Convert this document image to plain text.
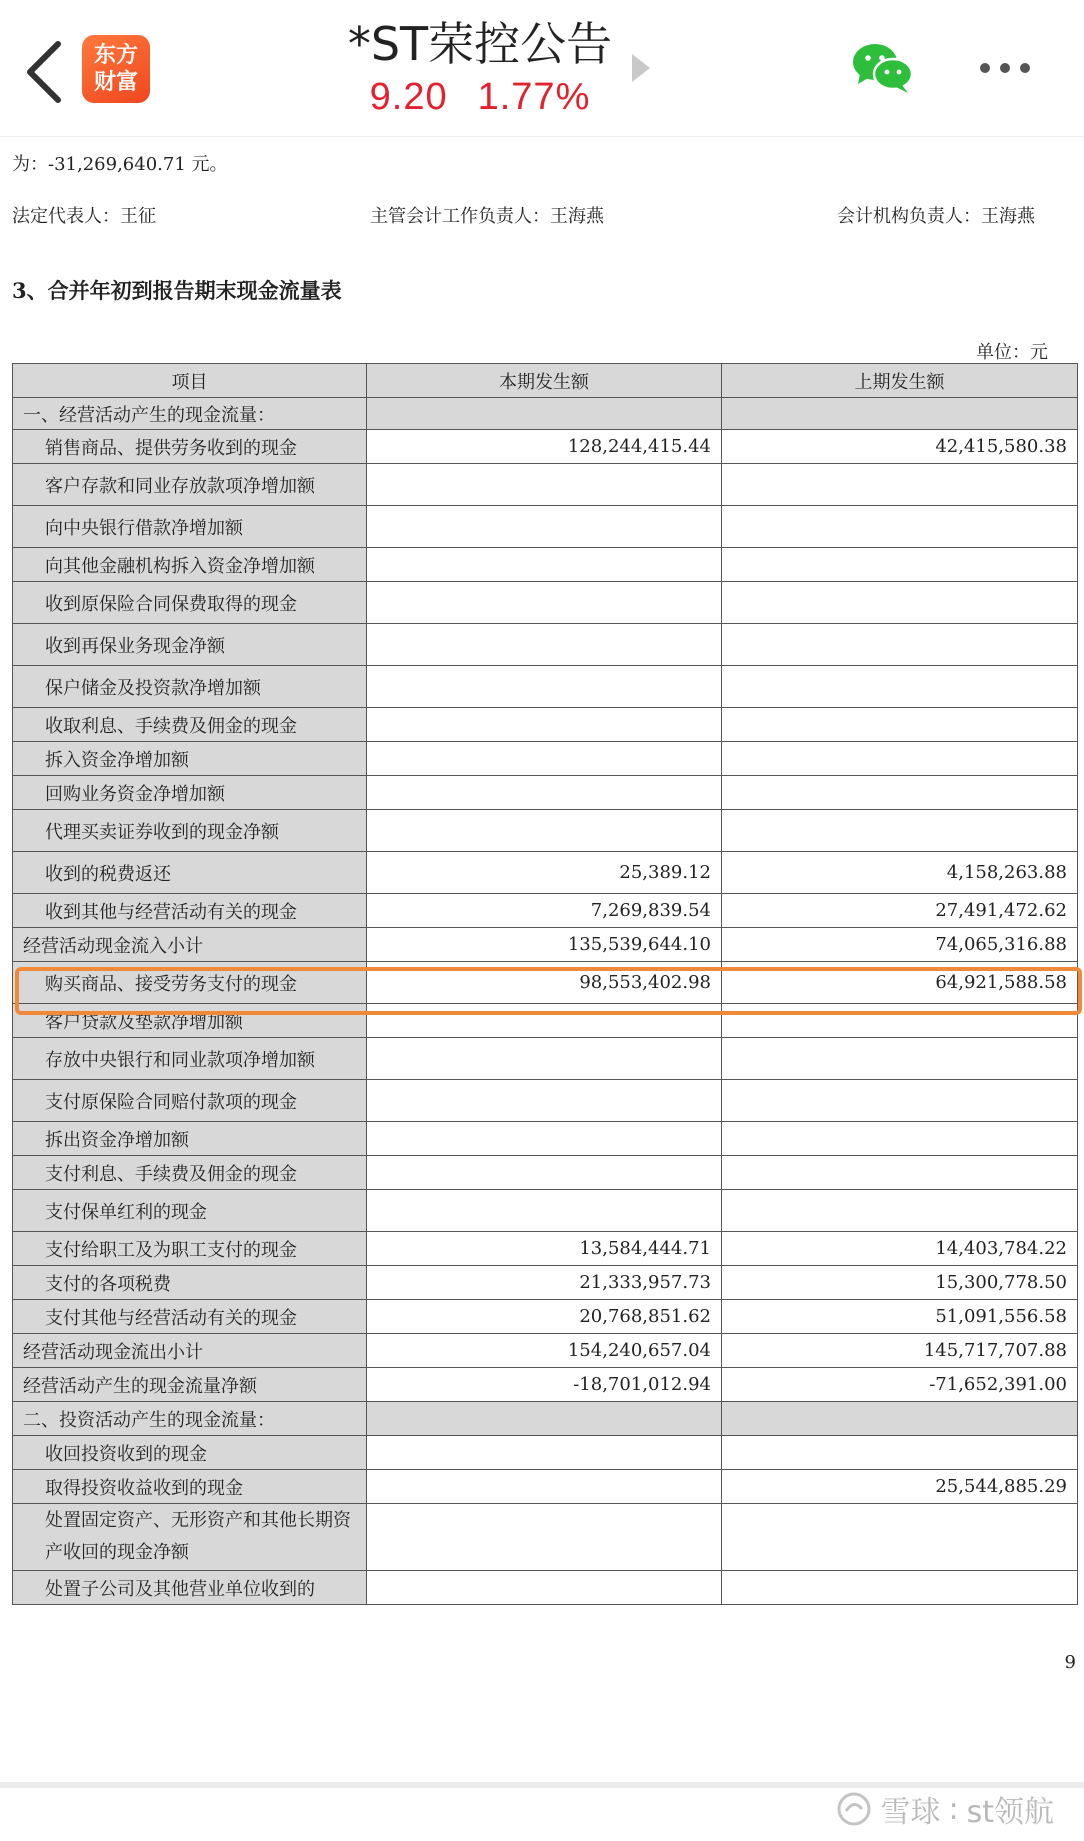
东方
财富
*ST荣控公告
9.20 1.77%
为：-31,269,640.71 元。
法定代表人：王征	主管会计工作负责人：王海燕	会计机构负责人：王海燕
3、合并年初到报告期末现金流量表
单位：元
项目	本期发生额	上期发生额
一、经营活动产生的现金流量：		
销售商品、提供劳务收到的现金	128,244,415.44	42,415,580.38
客户存款和同业存放款项净增加额		
向中央银行借款净增加额		
向其他金融机构拆入资金净增加额		
收到原保险合同保费取得的现金		
收到再保业务现金净额		
保户储金及投资款净增加额		
收取利息、手续费及佣金的现金		
拆入资金净增加额		
回购业务资金净增加额		
代理买卖证券收到的现金净额		
收到的税费返还	25,389.12	4,158,263.88
收到其他与经营活动有关的现金	7,269,839.54	27,491,472.62
经营活动现金流入小计	135,539,644.10	74,065,316.88
购买商品、接受劳务支付的现金	98,553,402.98	64,921,588.58
客户贷款及垫款净增加额		
存放中央银行和同业款项净增加额		
支付原保险合同赔付款项的现金		
拆出资金净增加额		
支付利息、手续费及佣金的现金		
支付保单红利的现金		
支付给职工及为职工支付的现金	13,584,444.71	14,403,784.22
支付的各项税费	21,333,957.73	15,300,778.50
支付其他与经营活动有关的现金	20,768,851.62	51,091,556.58
经营活动现金流出小计	154,240,657.04	145,717,707.88
经营活动产生的现金流量净额	-18,701,012.94	-71,652,391.00
二、投资活动产生的现金流量：		
收回投资收到的现金		
取得投资收益收到的现金		25,544,885.29
处置固定资产、无形资产和其他长期资产收回的现金净额		
处置子公司及其他营业单位收到的		
9
雪球 : st领航
